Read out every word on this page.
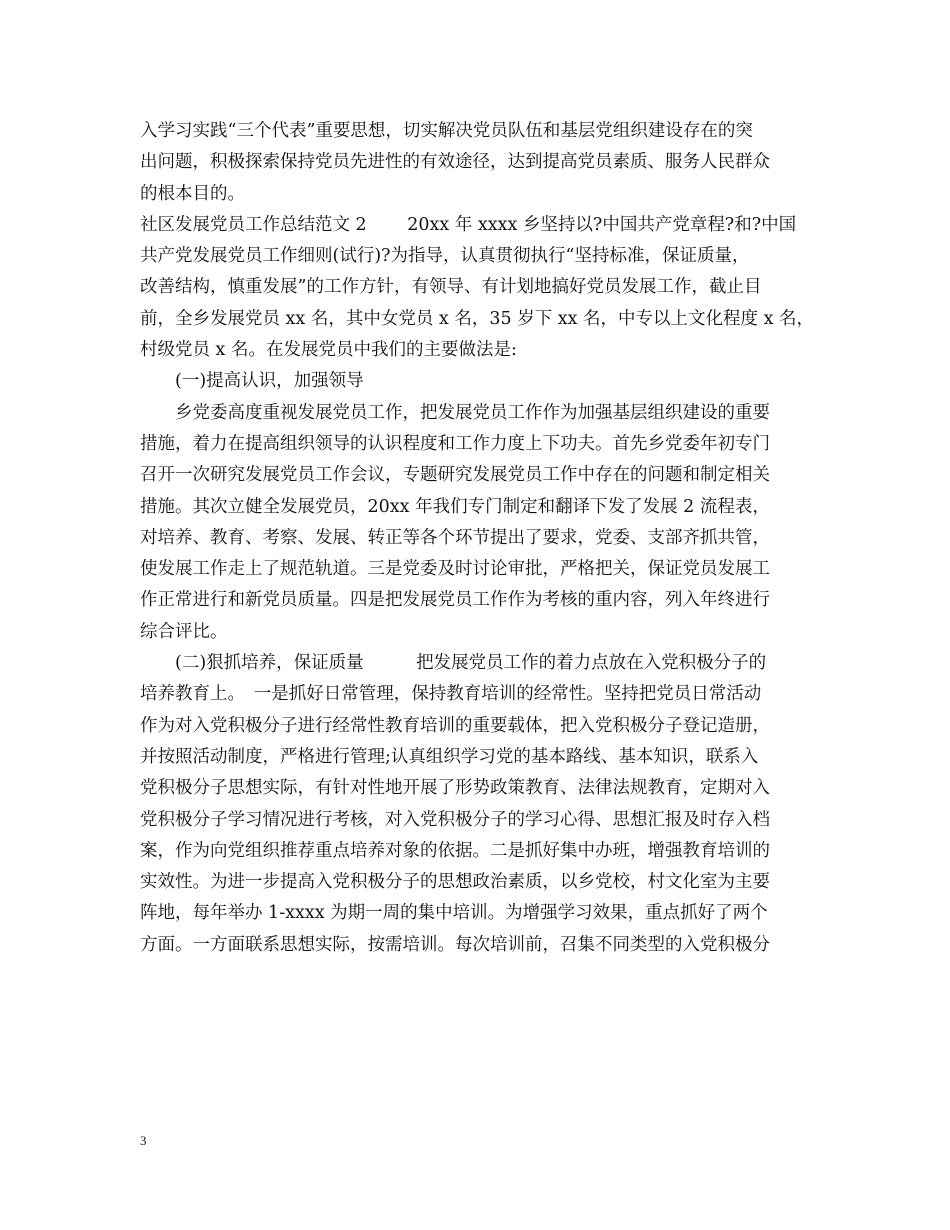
入学习实践“三个代表”重要思想，切实解决党员队伍和基层党组织建设存在的突
出问题，积极探索保持党员先进性的有效途径，达到提高党员素质、服务人民群众
的根本目的。
社区发展党员工作总结范文 2　　 20xx 年 xxxx 乡坚持以?中国共产党章程?和?中国
共产党发展党员工作细则(试行)?为指导，认真贯彻执行“坚持标准，保证质量，
改善结构，慎重发展”的工作方针，有领导、有计划地搞好党员发展工作，截止目
前，全乡发展党员 xx 名，其中女党员 x 名，35 岁下 xx 名，中专以上文化程度 x 名，
村级党员 x 名。在发展党员中我们的主要做法是:
　　(一)提高认识，加强领导
　　乡党委高度重视发展党员工作，把发展党员工作作为加强基层组织建设的重要
措施，着力在提高组织领导的认识程度和工作力度上下功夫。首先乡党委年初专门
召开一次研究发展党员工作会议，专题研究发展党员工作中存在的问题和制定相关
措施。其次立健全发展党员，20xx 年我们专门制定和翻译下发了发展 2 流程表，
对培养、教育、考察、发展、转正等各个环节提出了要求，党委、支部齐抓共管，
使发展工作走上了规范轨道。三是党委及时讨论审批，严格把关，保证党员发展工
作正常进行和新党员质量。四是把发展党员工作作为考核的重内容，列入年终进行
综合评比。
　　(二)狠抓培养，保证质量　　　把发展党员工作的着力点放在入党积极分子的
培养教育上。　一是抓好日常管理，保持教育培训的经常性。坚持把党员日常活动
作为对入党积极分子进行经常性教育培训的重要载体，把入党积极分子登记造册，
并按照活动制度，严格进行管理;认真组织学习党的基本路线、基本知识，联系入
党积极分子思想实际，有针对性地开展了形势政策教育、法律法规教育，定期对入
党积极分子学习情况进行考核，对入党积极分子的学习心得、思想汇报及时存入档
案，作为向党组织推荐重点培养对象的依据。二是抓好集中办班，增强教育培训的
实效性。为进一步提高入党积极分子的思想政治素质，以乡党校，村文化室为主要
阵地，每年举办 1-xxxx 为期一周的集中培训。为增强学习效果，重点抓好了两个
方面。一方面联系思想实际，按需培训。每次培训前，召集不同类型的入党积极分
3
